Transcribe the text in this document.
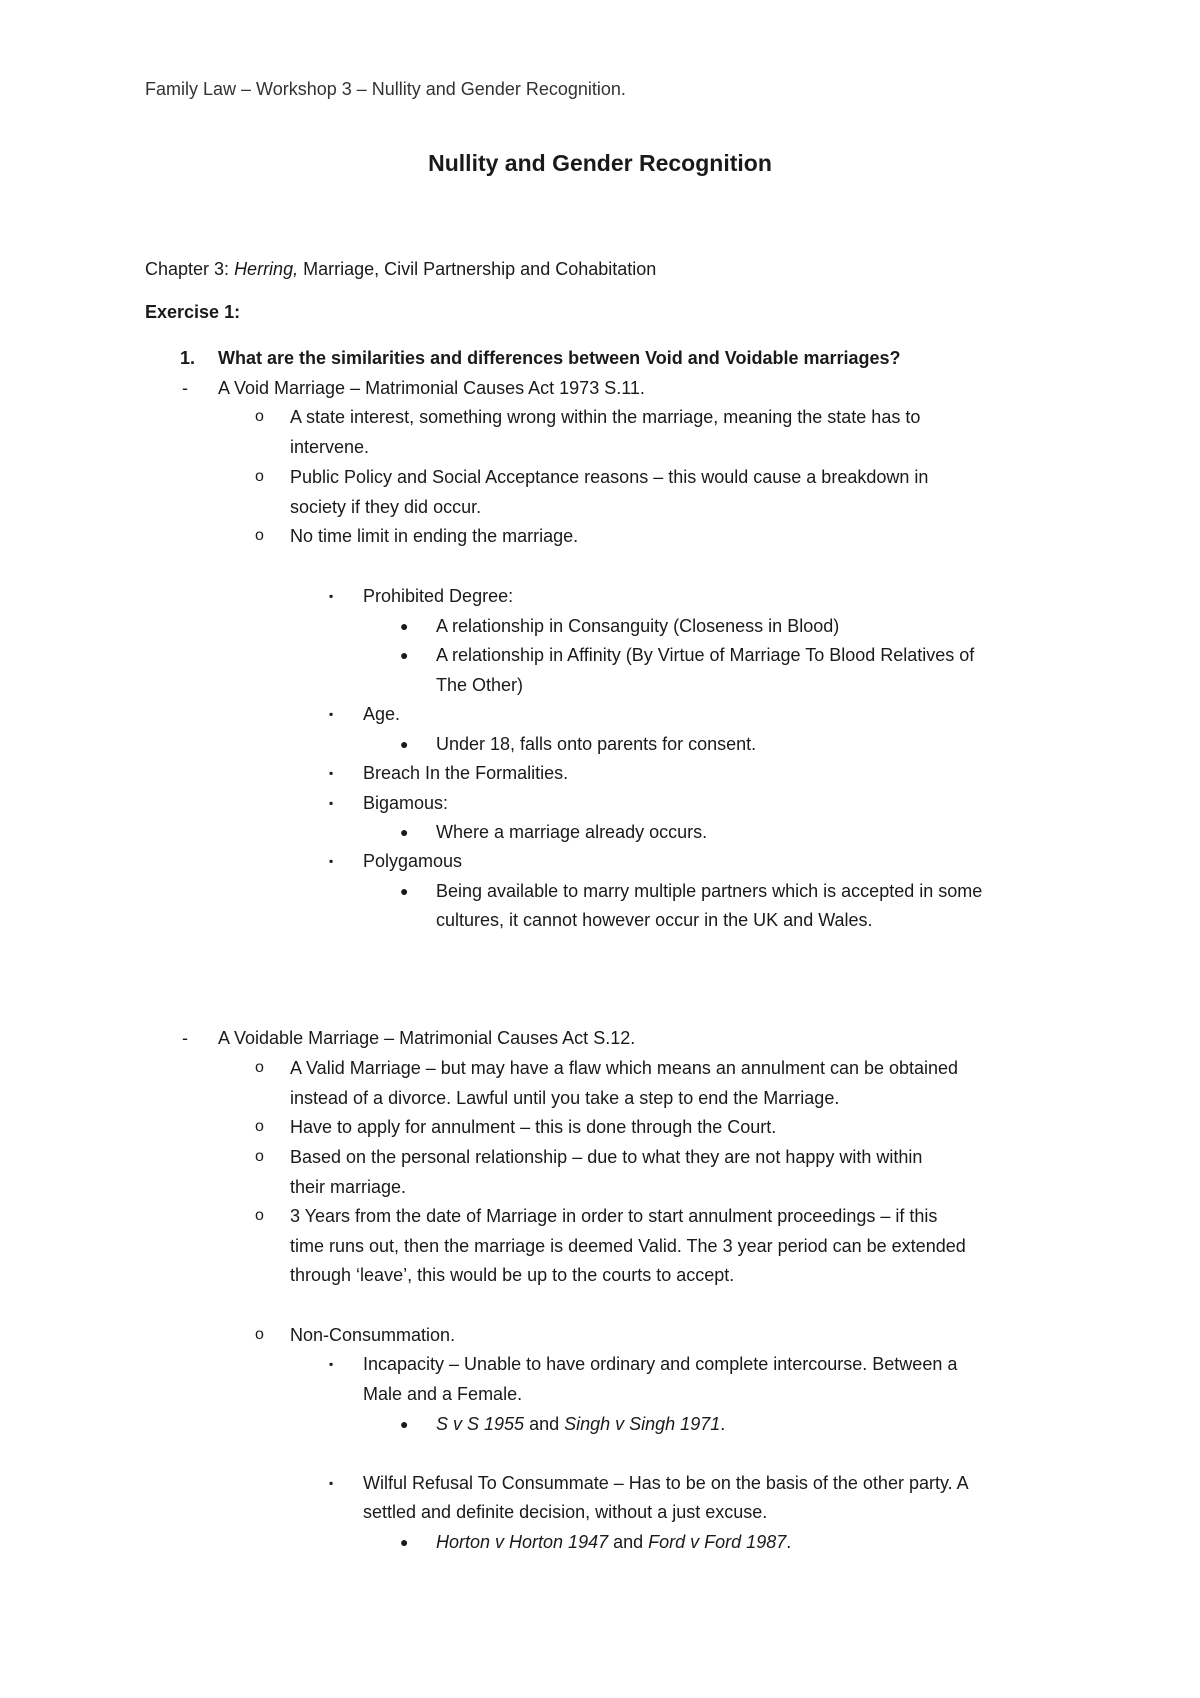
Family Law – Workshop 3 – Nullity and Gender Recognition.
Nullity and Gender Recognition
Chapter 3: Herring, Marriage, Civil Partnership and Cohabitation
Exercise 1:
1. What are the similarities and differences between Void and Voidable marriages?
-	A Void Marriage – Matrimonial Causes Act 1973 S.11.
o	A state interest, something wrong within the marriage, meaning the state has to
intervene.
o	Public Policy and Social Acceptance reasons – this would cause a breakdown in
society if they did occur.
o	No time limit in ending the marriage.
▪	Prohibited Degree:
●	A relationship in Consanguity (Closeness in Blood)
●	A relationship in Affinity (By Virtue of Marriage To Blood Relatives of
The Other)
▪	Age.
●	Under 18, falls onto parents for consent.
▪	Breach In the Formalities.
▪	Bigamous:
●	Where a marriage already occurs.
▪	Polygamous
●	Being available to marry multiple partners which is accepted in some
cultures, it cannot however occur in the UK and Wales.
-	A Voidable Marriage – Matrimonial Causes Act S.12.
o	A Valid Marriage – but may have a flaw which means an annulment can be obtained
instead of a divorce. Lawful until you take a step to end the Marriage.
o	Have to apply for annulment – this is done through the Court.
o	Based on the personal relationship – due to what they are not happy with within
their marriage.
o	3 Years from the date of Marriage in order to start annulment proceedings – if this
time runs out, then the marriage is deemed Valid. The 3 year period can be extended
through ‘leave’, this would be up to the courts to accept.
o	Non-Consummation.
▪	Incapacity – Unable to have ordinary and complete intercourse. Between a
Male and a Female.
●	S v S 1955 and Singh v Singh 1971.
▪	Wilful Refusal To Consummate – Has to be on the basis of the other party. A
settled and definite decision, without a just excuse.
●	Horton v Horton 1947 and Ford v Ford 1987.
